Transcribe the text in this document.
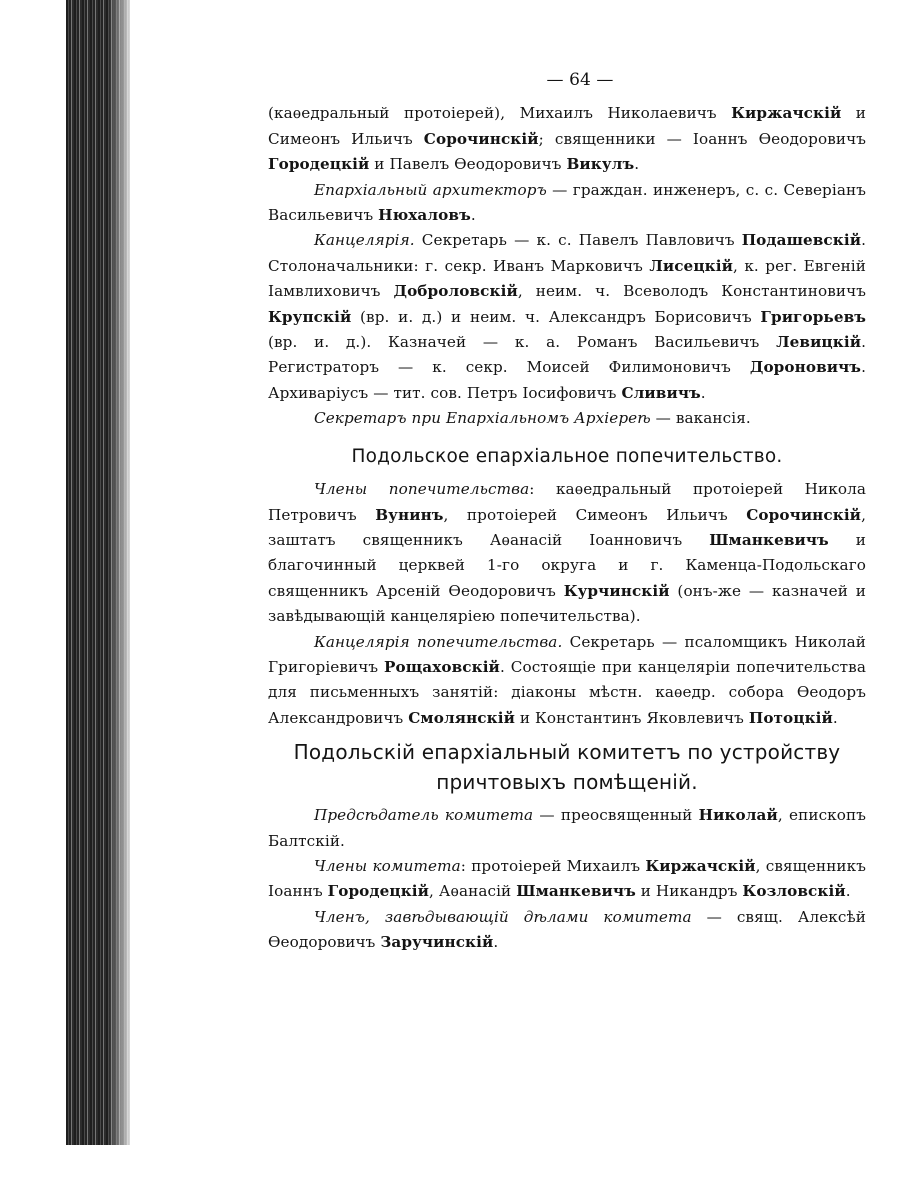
— 64 —

(каѳедральный протоіерей), Михаилъ Николаевичъ Киржачскій и Симеонъ Ильичъ Сорочинскій; священники — Іоаннъ Ѳеодоровичъ Городецкій и Павелъ Ѳеодоровичъ Викулъ.

Епархіальный архитекторъ — граждан. инженеръ, с. с. Северіанъ Васильевичъ Нюхаловъ.

Канцелярія. Секретарь — к. с. Павелъ Павловичъ Подашевскій. Столоначальники: г. секр. Иванъ Марковичъ Лисецкій, к. рег. Евгеній Іамвлиховичъ Доброловскій, неим. ч. Всеволодъ Константиновичъ Крупскій (вр. и. д.) и неим. ч. Александръ Борисовичъ Григорьевъ (вр. и. д.). Казначей — к. а. Романъ Васильевичъ Левицкій. Регистраторъ — к. секр. Моисей Филимоновичъ Дороновичъ. Архиваріусъ — тит. сов. Петръ Іосифовичъ Сливичъ.

Секретаръ при Епархіальномъ Архіереѣ — вакансія.

Подольское епархіальное попечительство.

Члены попечительства: каѳедральный протоіерей Никола Петровичъ Вунинъ, протоіерей Симеонъ Ильичъ Сорочинскій, заштатъ священникъ Аѳанасій Іоанновичъ Шманкевичъ и благочинный церквей 1-го округа и г. Каменца-Подольскаго священникъ Арсеній Ѳеодоровичъ Курчинскій (онъ-же — казначей и завѣдывающій канцеляріею попечительства).

Канцелярія попечительства. Секретарь — псаломщикъ Николай Григоріевичъ Рощаховскій. Состоящіе при канцеляріи попечительства для письменныхъ занятій: діаконы мѣстн. каѳедр. собора Ѳеодоръ Александровичъ Смолянскій и Константинъ Яковлевичъ Потоцкій.

Подольскій епархіальный комитетъ по устройству причтовыхъ помѣщеній.

Предсѣдатель комитета — преосвященный Николай, епископъ Балтскій.

Члены комитета: протоіерей Михаилъ Киржачскій, священникъ Іоаннъ Городецкій, Аѳанасій Шманкевичъ и Никандръ Козловскій.

Членъ, завѣдывающій дѣлами комитета — свящ. Алексѣй Ѳеодоровичъ Заручинскій.
